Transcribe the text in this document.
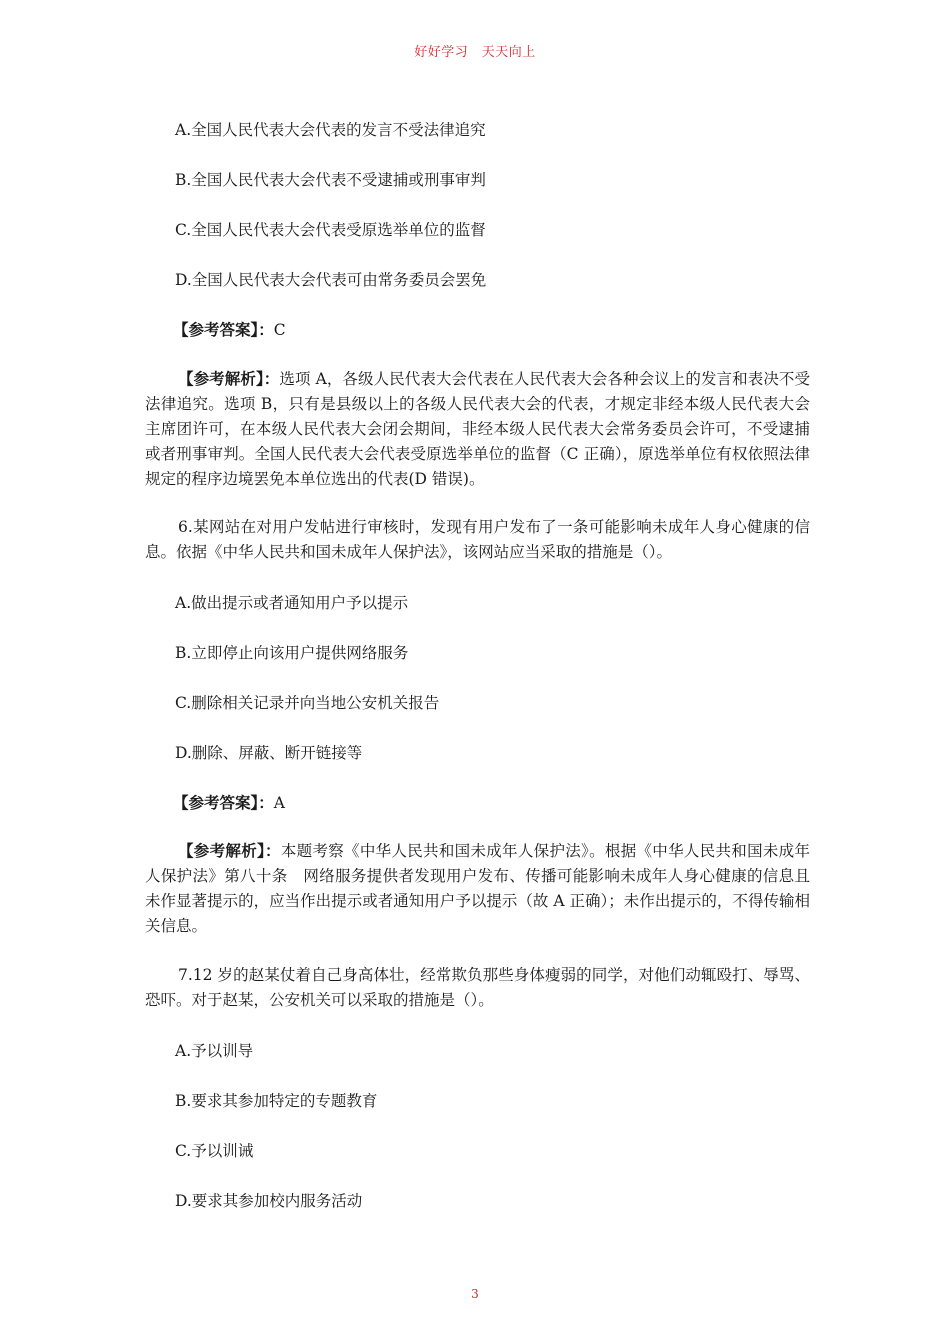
好好学习　天天向上
A.全国人民代表大会代表的发言不受法律追究
B.全国人民代表大会代表不受逮捕或刑事审判
C.全国人民代表大会代表受原选举单位的监督
D.全国人民代表大会代表可由常务委员会罢免
【参考答案】：C

【参考解析】：选项 A，各级人民代表大会代表在人民代表大会各种会议上的发言和表决不受法律追究。选项 B，只有是县级以上的各级人民代表大会的代表，才规定非经本级人民代表大会主席团许可，在本级人民代表大会闭会期间，非经本级人民代表大会常务委员会许可，不受逮捕或者刑事审判。全国人民代表大会代表受原选举单位的监督（C 正确），原选举单位有权依照法律规定的程序边境罢免本单位选出的代表(D 错误)。

6.某网站在对用户发帖进行审核时，发现有用户发布了一条可能影响未成年人身心健康的信息。依据《中华人民共和国未成年人保护法》，该网站应当采取的措施是（）。

A.做出提示或者通知用户予以提示
B.立即停止向该用户提供网络服务
C.删除相关记录并向当地公安机关报告
D.删除、屏蔽、断开链接等
【参考答案】：A

【参考解析】：本题考察《中华人民共和国未成年人保护法》。根据《中华人民共和国未成年人保护法》第八十条　网络服务提供者发现用户发布、传播可能影响未成年人身心健康的信息且未作显著提示的，应当作出提示或者通知用户予以提示（故 A 正确）；未作出提示的，不得传输相关信息。

7.12 岁的赵某仗着自己身高体壮，经常欺负那些身体瘦弱的同学，对他们动辄殴打、辱骂、恐吓。对于赵某，公安机关可以采取的措施是（）。

A.予以训导
B.要求其参加特定的专题教育
C.予以训诫
D.要求其参加校内服务活动
3
